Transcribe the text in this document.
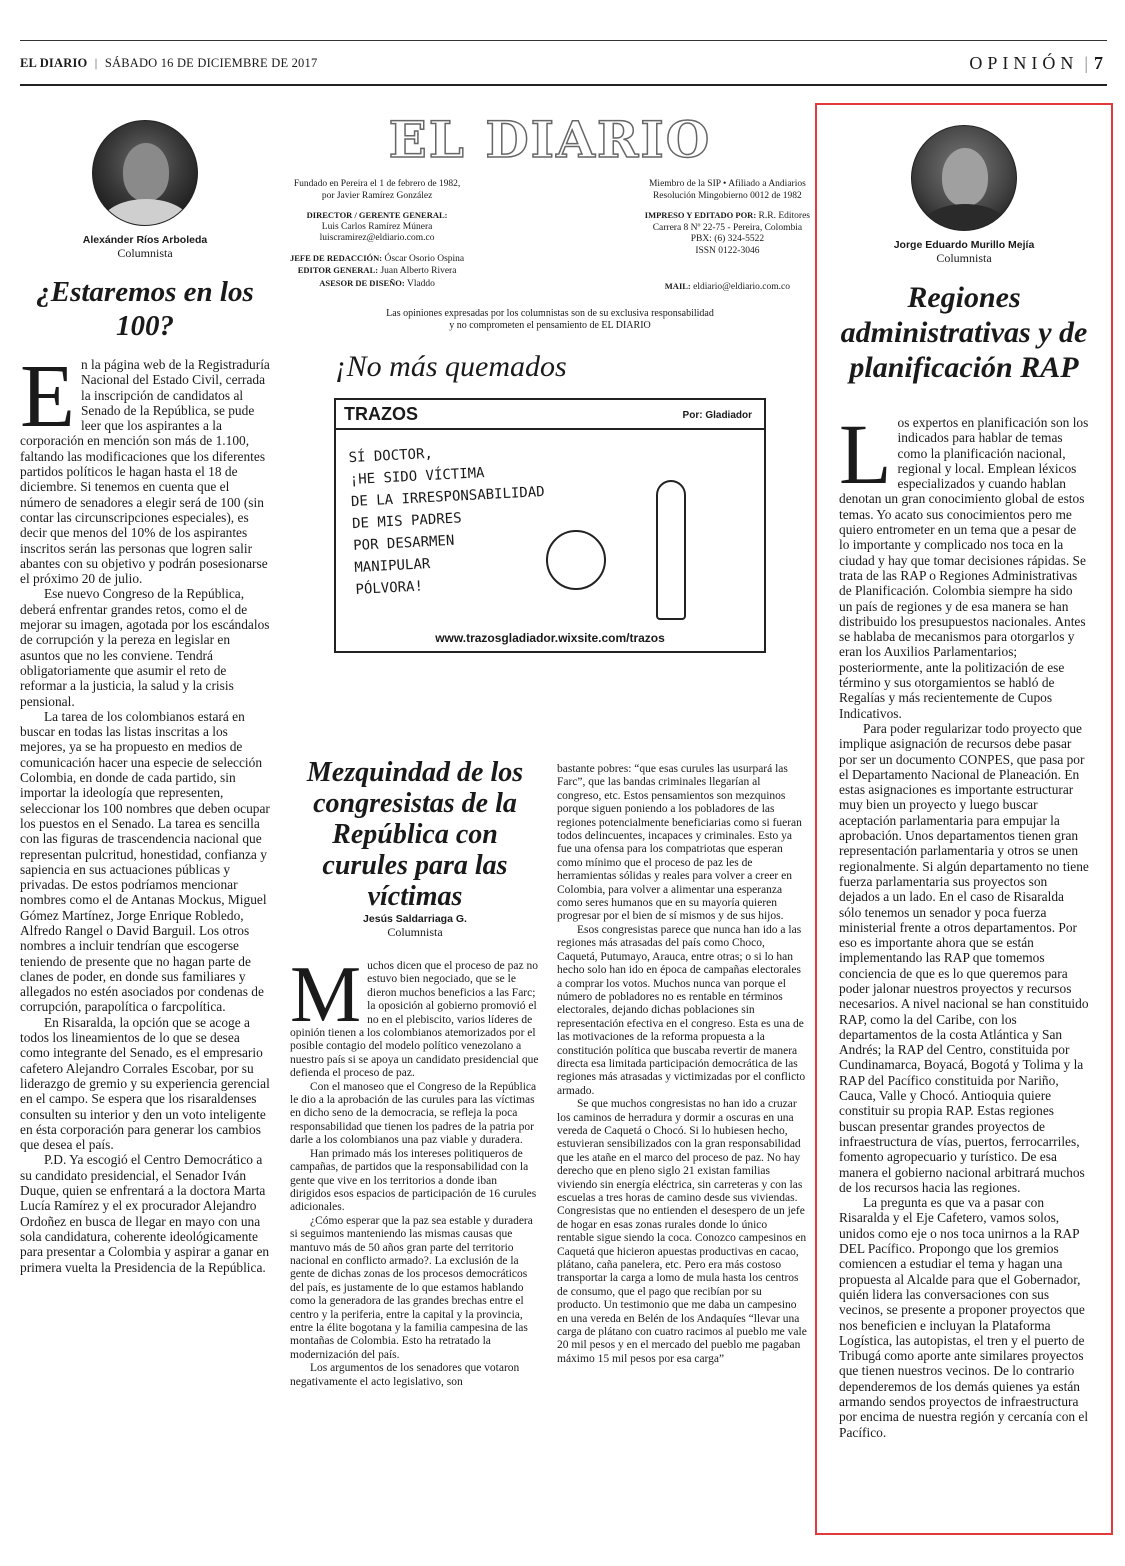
EL DIARIO | SÁBADO 16 DE DICIEMBRE DE 2017	OPINIÓN | 7
Alexánder Ríos Arboleda
Columnista
¿Estaremos en los 100?

En la página web de la Registraduría Nacional del Estado Civil, cerrada la inscripción de candidatos al Senado de la República, se pude leer que los aspirantes a la corporación en mención son más de 1.100, faltando las modificaciones que los diferentes partidos políticos le hagan hasta el 18 de diciembre. Si tenemos en cuenta que el número de senadores a elegir será de 100 (sin contar las circunscripciones especiales), es decir que menos del 10% de los aspirantes inscritos serán las personas que logren salir abantes con su objetivo y podrán posesionarse el próximo 20 de julio.

Ese nuevo Congreso de la República, deberá enfrentar grandes retos, como el de mejorar su imagen, agotada por los escándalos de corrupción y la pereza en legislar en asuntos que no les conviene. Tendrá obligatoriamente que asumir el reto de reformar a la justicia, la salud y la crisis pensional.

La tarea de los colombianos estará en buscar en todas las listas inscritas a los mejores, ya se ha propuesto en medios de comunicación hacer una especie de selección Colombia, en donde de cada partido, sin importar la ideología que representen, seleccionar los 100 nombres que deben ocupar los puestos en el Senado. La tarea es sencilla con las figuras de trascendencia nacional que representan pulcritud, honestidad, confianza y sapiencia en sus actuaciones públicas y privadas. De estos podríamos mencionar nombres como el de Antanas Mockus, Miguel Gómez Martínez, Jorge Enrique Robledo, Alfredo Rangel o David Barguil. Los otros nombres a incluir tendrían que escogerse teniendo de presente que no hagan parte de clanes de poder, en donde sus familiares y allegados no estén asociados por condenas de corrupción, parapolítica o farcpolítica.

En Risaralda, la opción que se acoge a todos los lineamientos de lo que se desea como integrante del Senado, es el empresario cafetero Alejandro Corrales Escobar, por su liderazgo de gremio y su experiencia gerencial en el campo. Se espera que los risaraldenses consulten su interior y den un voto inteligente en ésta corporación para generar los cambios que desea el país.

P.D. Ya escogió el Centro Democrático a su candidato presidencial, el Senador Iván Duque, quien se enfrentará a la doctora Marta Lucía Ramírez y el ex procurador Alejandro Ordoñez en busca de llegar en mayo con una sola candidatura, coherente ideológicamente para presentar a Colombia y aspirar a ganar en primera vuelta la Presidencia de la República.

EL DIARIO
Fundado en Pereira el 1 de febrero de 1982,
por Javier Ramírez González
DIRECTOR / GERENTE GENERAL:
Luis Carlos Ramírez Múnera
luiscramirez@eldiario.com.co
JEFE DE REDACCIÓN: Óscar Osorio Ospina
EDITOR GENERAL: Juan Alberto Rivera
ASESOR DE DISEÑO: Vladdo
Miembro de la SIP • Afiliado a Andiarios
Resolución Mingobierno 0012 de 1982
IMPRESO Y EDITADO POR: R.R. Editores
Carrera 8 Nº 22-75 - Pereira, Colombia
PBX: (6) 324-5522
ISSN 0122-3046
MAIL: eldiario@eldiario.com.co
Las opiniones expresadas por los columnistas son de su exclusiva responsabilidad
y no comprometen el pensamiento de EL DIARIO
¡No más quemados
TRAZOS	Por: Gladiador
SÍ DOCTOR,
¡HE SIDO VÍCTIMA
DE LA IRRESPONSABILIDAD
DE MIS PADRES
POR DESARMEN
MANIPULAR
PÓLVORA!
www.trazosgladiador.wixsite.com/trazos
Mezquindad de los congresistas de la República con curules para las víctimas
Jesús Saldarriaga G.
Columnista

Muchos dicen que el proceso de paz no estuvo bien negociado, que se le dieron muchos beneficios a las Farc; la oposición al gobierno promovió el no en el plebiscito, varios líderes de opinión tienen a los colombianos atemorizados por el posible contagio del modelo político venezolano a nuestro país si se apoya un candidato presidencial que defienda el proceso de paz.

Con el manoseo que el Congreso de la República le dio a la aprobación de las curules para las víctimas en dicho seno de la democracia, se refleja la poca responsabilidad que tienen los padres de la patria por darle a los colombianos una paz viable y duradera.

Han primado más los intereses politiqueros de campañas, de partidos que la responsabilidad con la gente que vive en los territorios a donde iban dirigidos esos espacios de participación de 16 curules adicionales.

¿Cómo esperar que la paz sea estable y duradera si seguimos manteniendo las mismas causas que mantuvo más de 50 años gran parte del territorio nacional en conflicto armado?. La exclusión de la gente de dichas zonas de los procesos democráticos del país, es justamente de lo que estamos hablando como la generadora de las grandes brechas entre el centro y la periferia, entre la capital y la provincia, entre la élite bogotana y la familia campesina de las montañas de Colombia. Esto ha retratado la modernización del país.

Los argumentos de los senadores que votaron negativamente el acto legislativo, son

bastante pobres: “que esas curules las usurpará las Farc”, que las bandas criminales llegarían al congreso, etc. Estos pensamientos son mezquinos porque siguen poniendo a los pobladores de las regiones potencialmente beneficiarias como si fueran todos delincuentes, incapaces y criminales. Esto ya fue una ofensa para los compatriotas que esperan como mínimo que el proceso de paz les de herramientas sólidas y reales para volver a creer en Colombia, para volver a alimentar una esperanza como seres humanos que en su mayoría quieren progresar por el bien de sí mismos y de sus hijos.

Esos congresistas parece que nunca han ido a las regiones más atrasadas del país como Choco, Caquetá, Putumayo, Arauca, entre otras; o si lo han hecho solo han ido en época de campañas electorales a comprar los votos. Muchos nunca van porque el número de pobladores no es rentable en términos electorales, dejando dichas poblaciones sin representación efectiva en el congreso. Esta es una de las motivaciones de la reforma propuesta a la constitución política que buscaba revertir de manera directa esa limitada participación democrática de las regiones más atrasadas y victimizadas por el conflicto armado.

Se que muchos congresistas no han ido a cruzar los caminos de herradura y dormir a oscuras en una vereda de Caquetá o Chocó. Si lo hubiesen hecho, estuvieran sensibilizados con la gran responsabilidad que les atañe en el marco del proceso de paz. No hay derecho que en pleno siglo 21 existan familias viviendo sin energía eléctrica, sin carreteras y con las escuelas a tres horas de camino desde sus viviendas. Congresistas que no entienden el desespero de un jefe de hogar en esas zonas rurales donde lo único rentable sigue siendo la coca. Conozco campesinos en Caquetá que hicieron apuestas productivas en cacao, plátano, caña panelera, etc. Pero era más costoso transportar la carga a lomo de mula hasta los centros de consumo, que el pago que recibían por su producto. Un testimonio que me daba un campesino en una vereda en Belén de los Andaquíes “llevar una carga de plátano con cuatro racimos al pueblo me vale 20 mil pesos y en el mercado del pueblo me pagaban máximo 15 mil pesos por esa carga”

Jorge Eduardo Murillo Mejía
Columnista
Regiones administrativas y de planificación RAP

Los expertos en planificación son los indicados para hablar de temas como la planificación nacional, regional y local. Emplean léxicos especializados y cuando hablan denotan un gran conocimiento global de estos temas. Yo acato sus conocimientos pero me quiero entrometer en un tema que a pesar de lo importante y complicado nos toca en la ciudad y hay que tomar decisiones rápidas. Se trata de las RAP o Regiones Administrativas de Planificación. Colombia siempre ha sido un país de regiones y de esa manera se han distribuido los presupuestos nacionales. Antes se hablaba de mecanismos para otorgarlos y eran los Auxilios Parlamentarios; posteriormente, ante la politización de ese término y sus otorgamientos se habló de Regalías y más recientemente de Cupos Indicativos.

Para poder regularizar todo proyecto que implique asignación de recursos debe pasar por ser un documento CONPES, que pasa por el Departamento Nacional de Planeación. En estas asignaciones es importante estructurar muy bien un proyecto y luego buscar aceptación parlamentaria para empujar la aprobación. Unos departamentos tienen gran representación parlamentaria y otros se unen regionalmente. Si algún departamento no tiene fuerza parlamentaria sus proyectos son dejados a un lado. En el caso de Risaralda sólo tenemos un senador y poca fuerza ministerial frente a otros departamentos. Por eso es importante ahora que se están implementando las RAP que tomemos conciencia de que es lo que queremos para poder jalonar nuestros proyectos y recursos necesarios. A nivel nacional se han constituido RAP, como la del Caribe, con los departamentos de la costa Atlántica y San Andrés; la RAP del Centro, constituida por Cundinamarca, Boyacá, Bogotá y Tolima y la RAP del Pacífico constituida por Nariño, Cauca, Valle y Chocó. Antioquia quiere constituir su propia RAP. Estas regiones buscan presentar grandes proyectos de infraestructura de vías, puertos, ferrocarriles, fomento agropecuario y turístico. De esa manera el gobierno nacional arbitrará muchos de los recursos hacia las regiones.

La pregunta es que va a pasar con Risaralda y el Eje Cafetero, vamos solos, unidos como eje o nos toca unirnos a la RAP DEL Pacífico. Propongo que los gremios comiencen a estudiar el tema y hagan una propuesta al Alcalde para que el Gobernador, quién lidera las conversaciones con sus vecinos, se presente a proponer proyectos que nos beneficien e incluyan la Plataforma Logística, las autopistas, el tren y el puerto de Tribugá como aporte ante similares proyectos que tienen nuestros vecinos. De lo contrario dependeremos de los demás quienes ya están armando sendos proyectos de infraestructura por encima de nuestra región y cercanía con el Pacífico.
